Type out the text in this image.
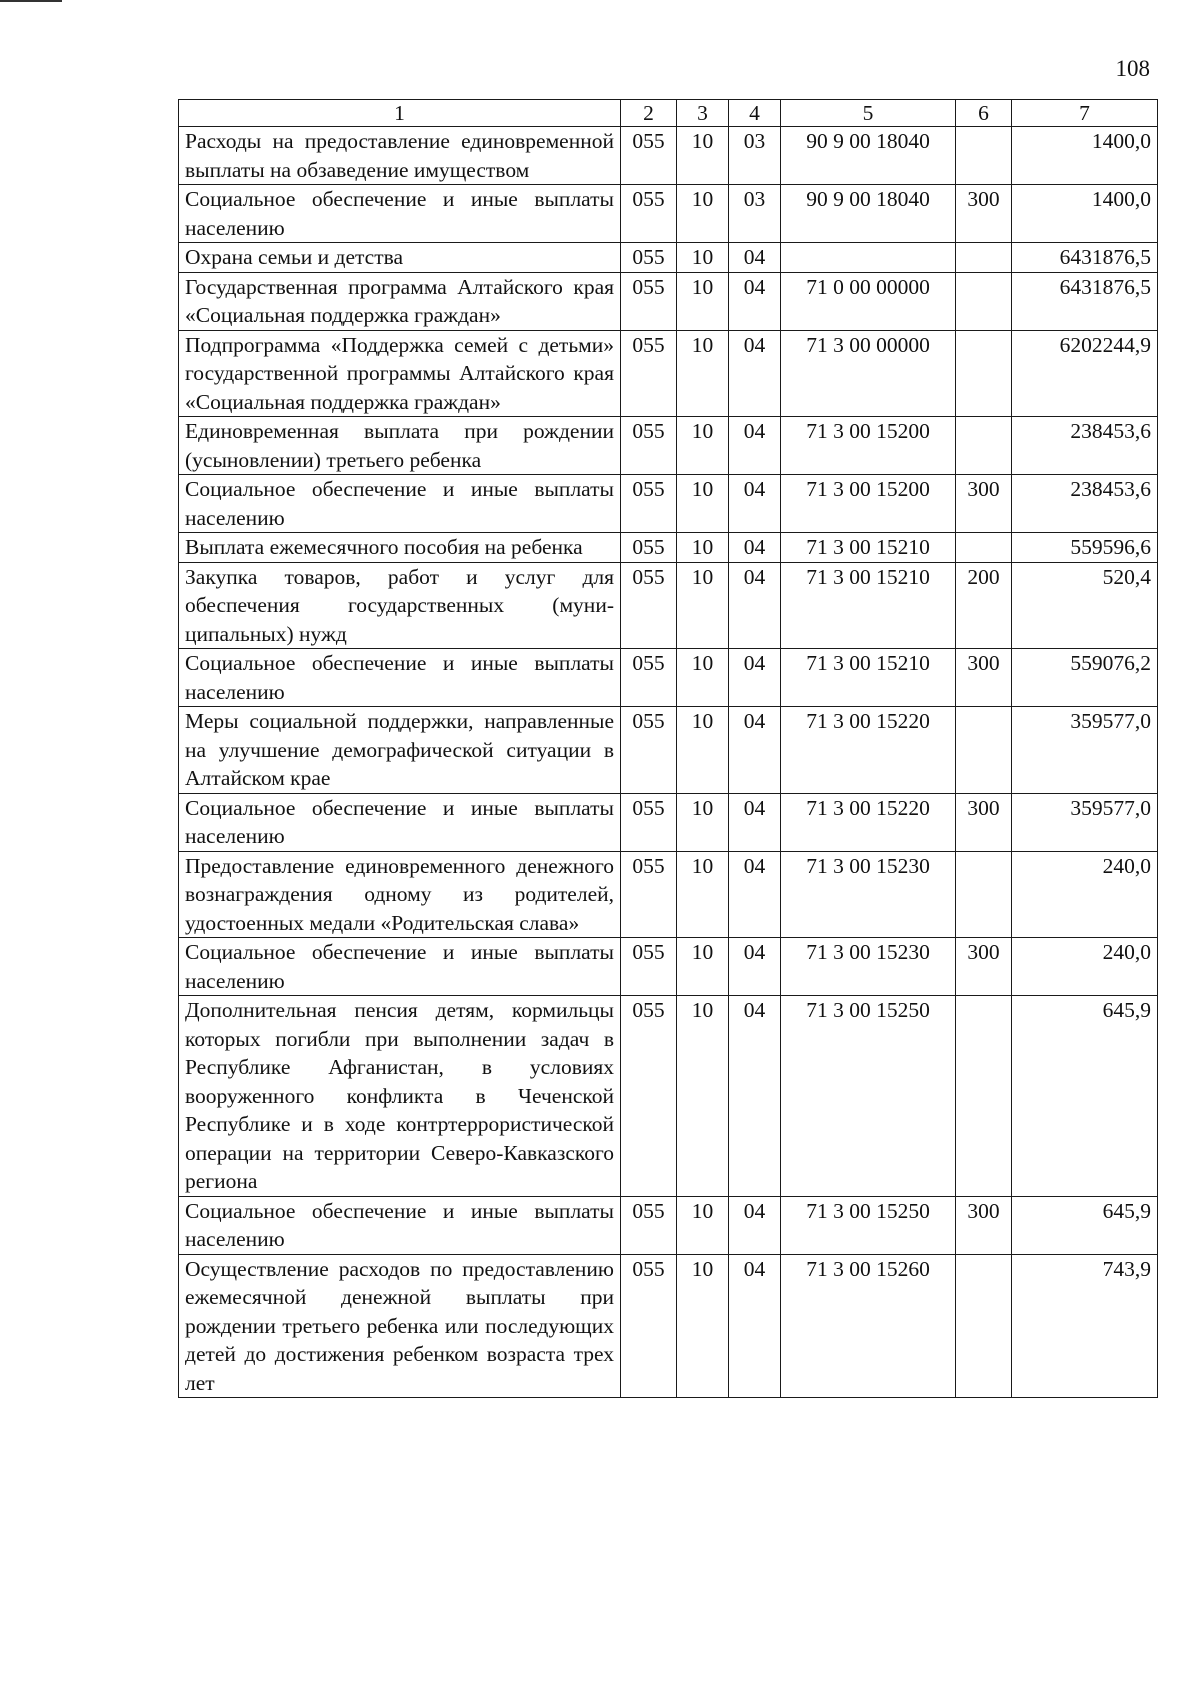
108
1	2	3	4	5	6	7
Расходы на предоставление единовременной выплаты на обзаведение имуществом	055	10	03	90 9 00 18040		1400,0
Социальное обеспечение и иные выплаты населению	055	10	03	90 9 00 18040	300	1400,0
Охрана семьи и детства	055	10	04			6431876,5
Государственная программа Алтайского края «Социальная поддержка граждан»	055	10	04	71 0 00 00000		6431876,5
Подпрограмма «Поддержка семей с детьми» государственной программы Алтайского края «Социальная поддержка граждан»	055	10	04	71 3 00 00000		6202244,9
Единовременная выплата при рождении (усыновлении) третьего ребенка	055	10	04	71 3 00 15200		238453,6
Социальное обеспечение и иные выплаты населению	055	10	04	71 3 00 15200	300	238453,6
Выплата ежемесячного пособия на ребенка	055	10	04	71 3 00 15210		559596,6
Закупка товаров, работ и услуг для обеспечения государственных (муниципальных) нужд	055	10	04	71 3 00 15210	200	520,4
Социальное обеспечение и иные выплаты населению	055	10	04	71 3 00 15210	300	559076,2
Меры социальной поддержки, направленные на улучшение демографической ситуации в Алтайском крае	055	10	04	71 3 00 15220		359577,0
Социальное обеспечение и иные выплаты населению	055	10	04	71 3 00 15220	300	359577,0
Предоставление единовременного денежного вознаграждения одному из родителей, удостоенных медали «Родительская слава»	055	10	04	71 3 00 15230		240,0
Социальное обеспечение и иные выплаты населению	055	10	04	71 3 00 15230	300	240,0
Дополнительная пенсия детям, кормильцы которых погибли при выполнении задач в Республике Афганистан, в условиях вооруженного конфликта в Чеченской Республике и в ходе контртеррористической операции на территории Северо-Кавказского региона	055	10	04	71 3 00 15250		645,9
Социальное обеспечение и иные выплаты населению	055	10	04	71 3 00 15250	300	645,9
Осуществление расходов по предоставлению ежемесячной денежной выплаты при рождении третьего ребенка или последующих детей до достижения ребенком возраста трех лет	055	10	04	71 3 00 15260		743,9
